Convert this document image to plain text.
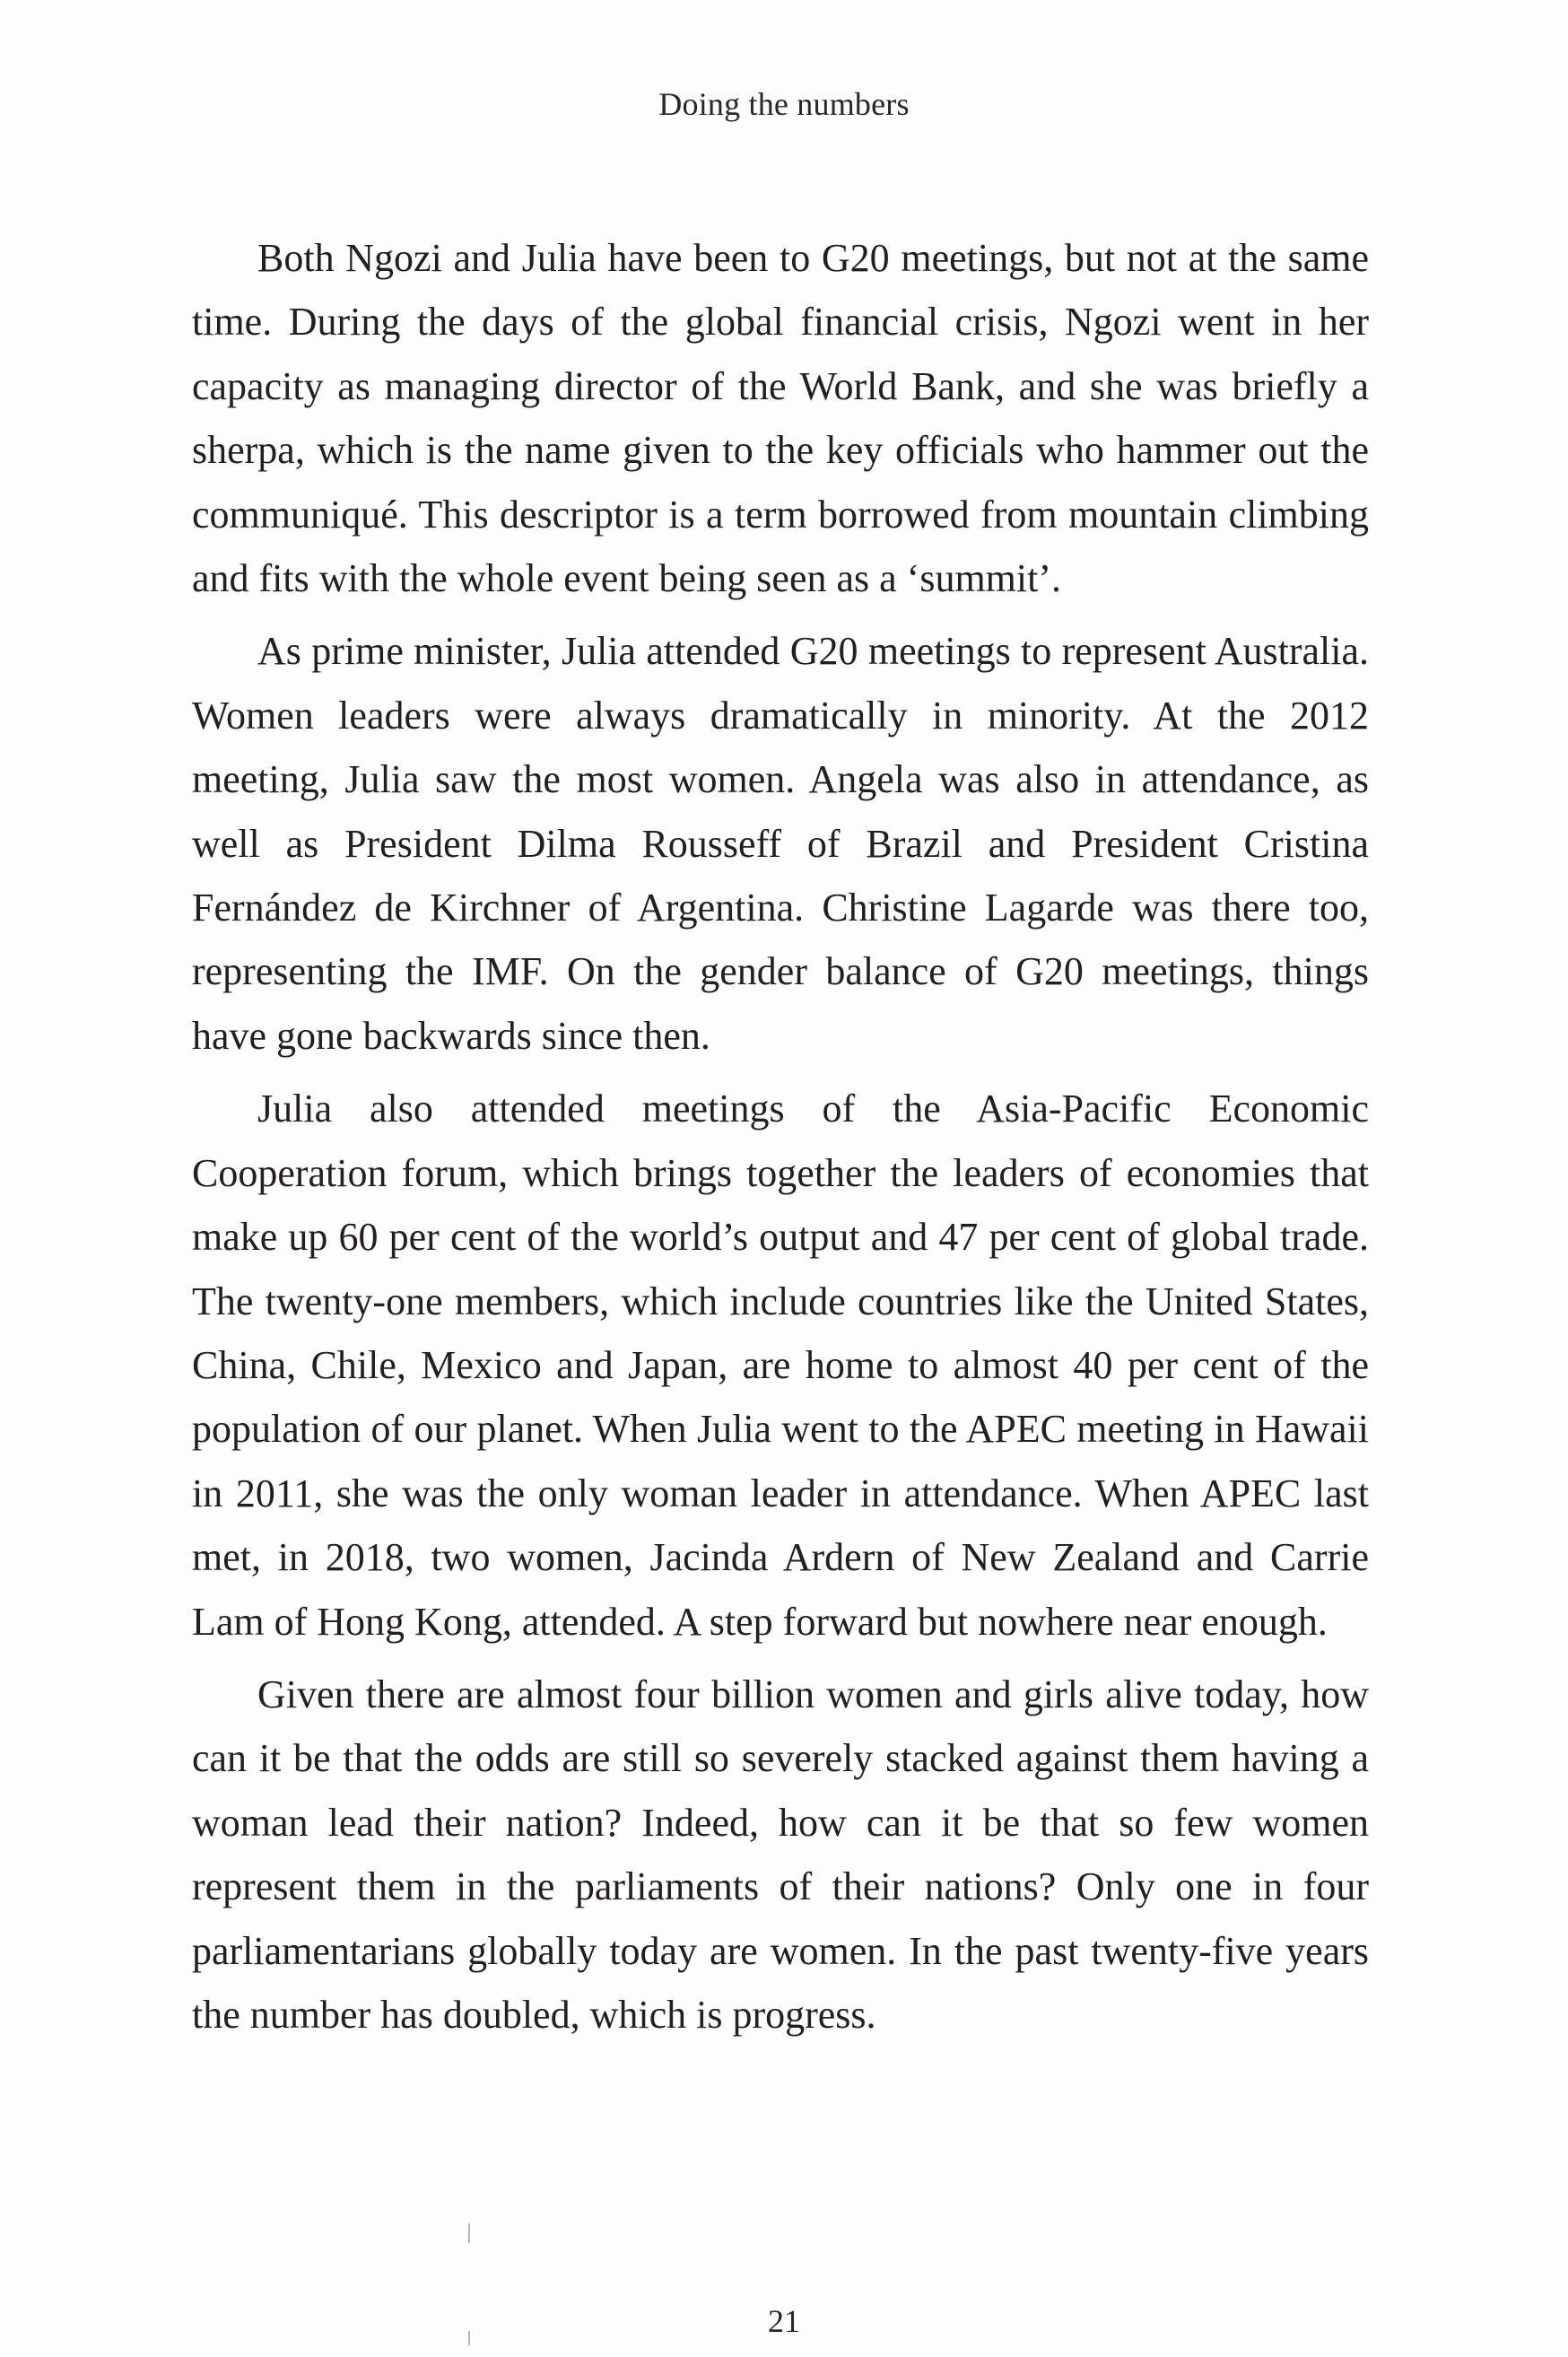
Doing the numbers

Both Ngozi and Julia have been to G20 meetings, but not at the same time. During the days of the global financial crisis, Ngozi went in her capacity as managing director of the World Bank, and she was briefly a sherpa, which is the name given to the key officials who hammer out the communiqué. This descriptor is a term borrowed from mountain climbing and fits with the whole event being seen as a ‘summit’.

As prime minister, Julia attended G20 meetings to represent Australia. Women leaders were always dramatically in minority. At the 2012 meeting, Julia saw the most women. Angela was also in attendance, as well as President Dilma Rousseff of Brazil and President Cristina Fernández de Kirchner of Argentina. Christine Lagarde was there too, representing the IMF. On the gender balance of G20 meetings, things have gone backwards since then.

Julia also attended meetings of the Asia-Pacific Economic Cooperation forum, which brings together the leaders of economies that make up 60 per cent of the world’s output and 47 per cent of global trade. The twenty-one members, which include countries like the United States, China, Chile, Mexico and Japan, are home to almost 40 per cent of the population of our planet. When Julia went to the APEC meeting in Hawaii in 2011, she was the only woman leader in attendance. When APEC last met, in 2018, two women, Jacinda Ardern of New Zealand and Carrie Lam of Hong Kong, attended. A step forward but nowhere near enough.

Given there are almost four billion women and girls alive today, how can it be that the odds are still so severely stacked against them having a woman lead their nation? Indeed, how can it be that so few women represent them in the parliaments of their nations? Only one in four parliamentarians globally today are women. In the past twenty-five years the number has doubled, which is progress.

21
